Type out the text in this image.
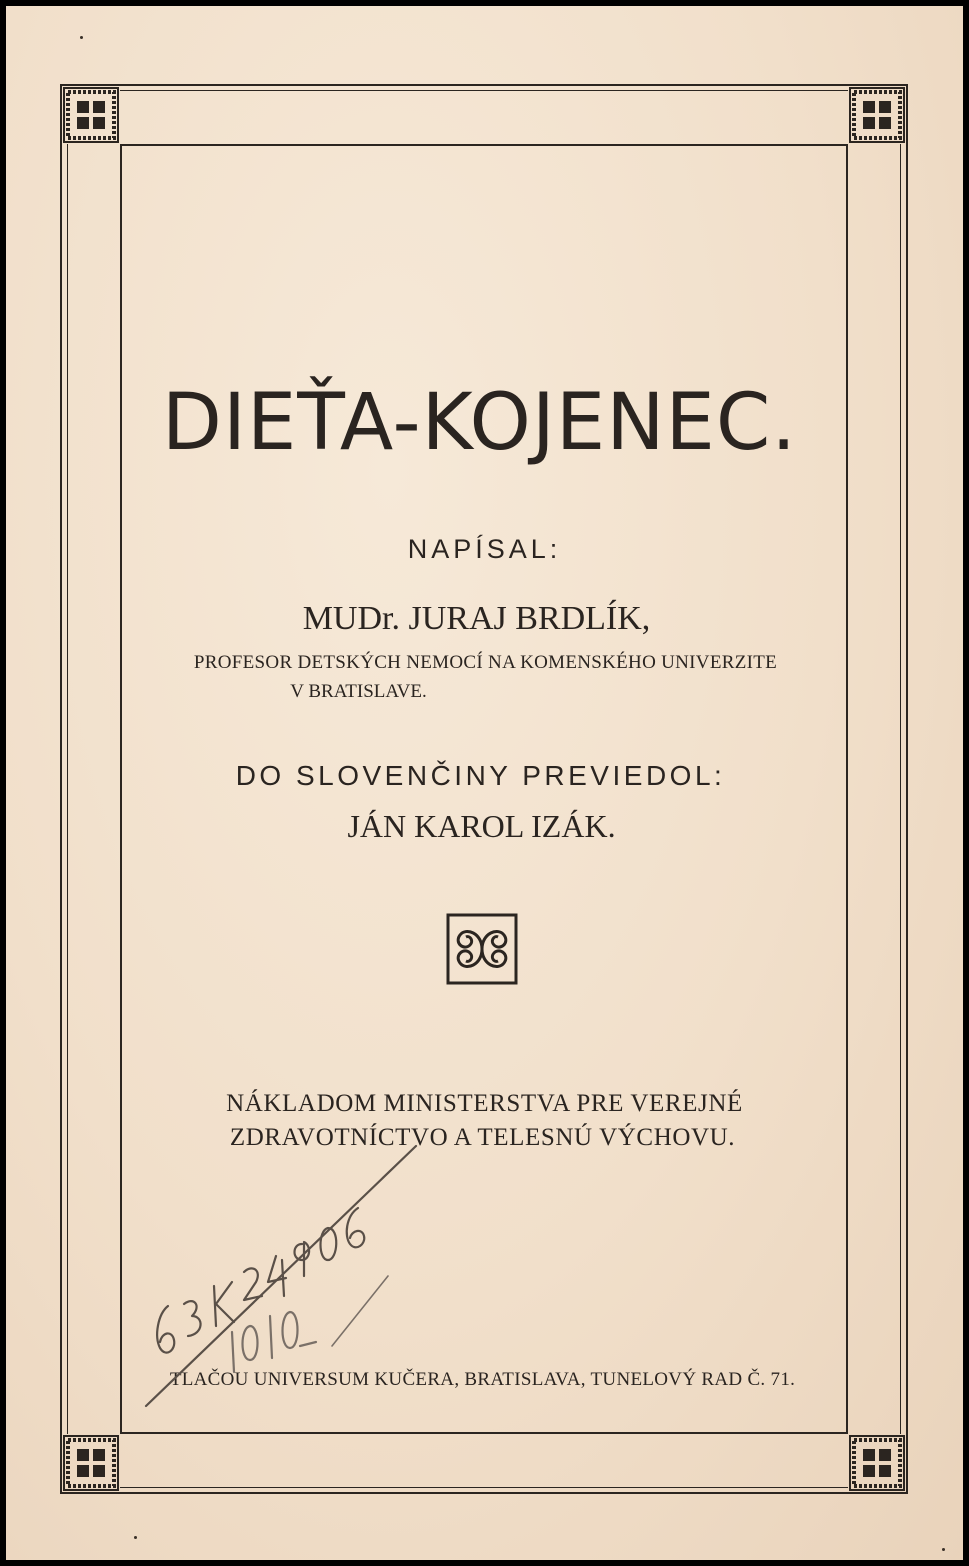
DIEŤA-KOJENEC.
NAPÍSAL:
MUDr. JURAJ BRDLÍK,
PROFESOR DETSKÝCH NEMOCÍ NA KOMENSKÉHO UNIVERZITE
V BRATISLAVE.
DO SLOVENČINY PREVIEDOL:
JÁN KAROL IZÁK.
NÁKLADOM MINISTERSTVA PRE VEREJNÉ
ZDRAVOTNÍCTVO A TELESNÚ VÝCHOVU.
TLAČOU UNIVERSUM KUČERA, BRATISLAVA, TUNELOVÝ RAD Č. 71.
